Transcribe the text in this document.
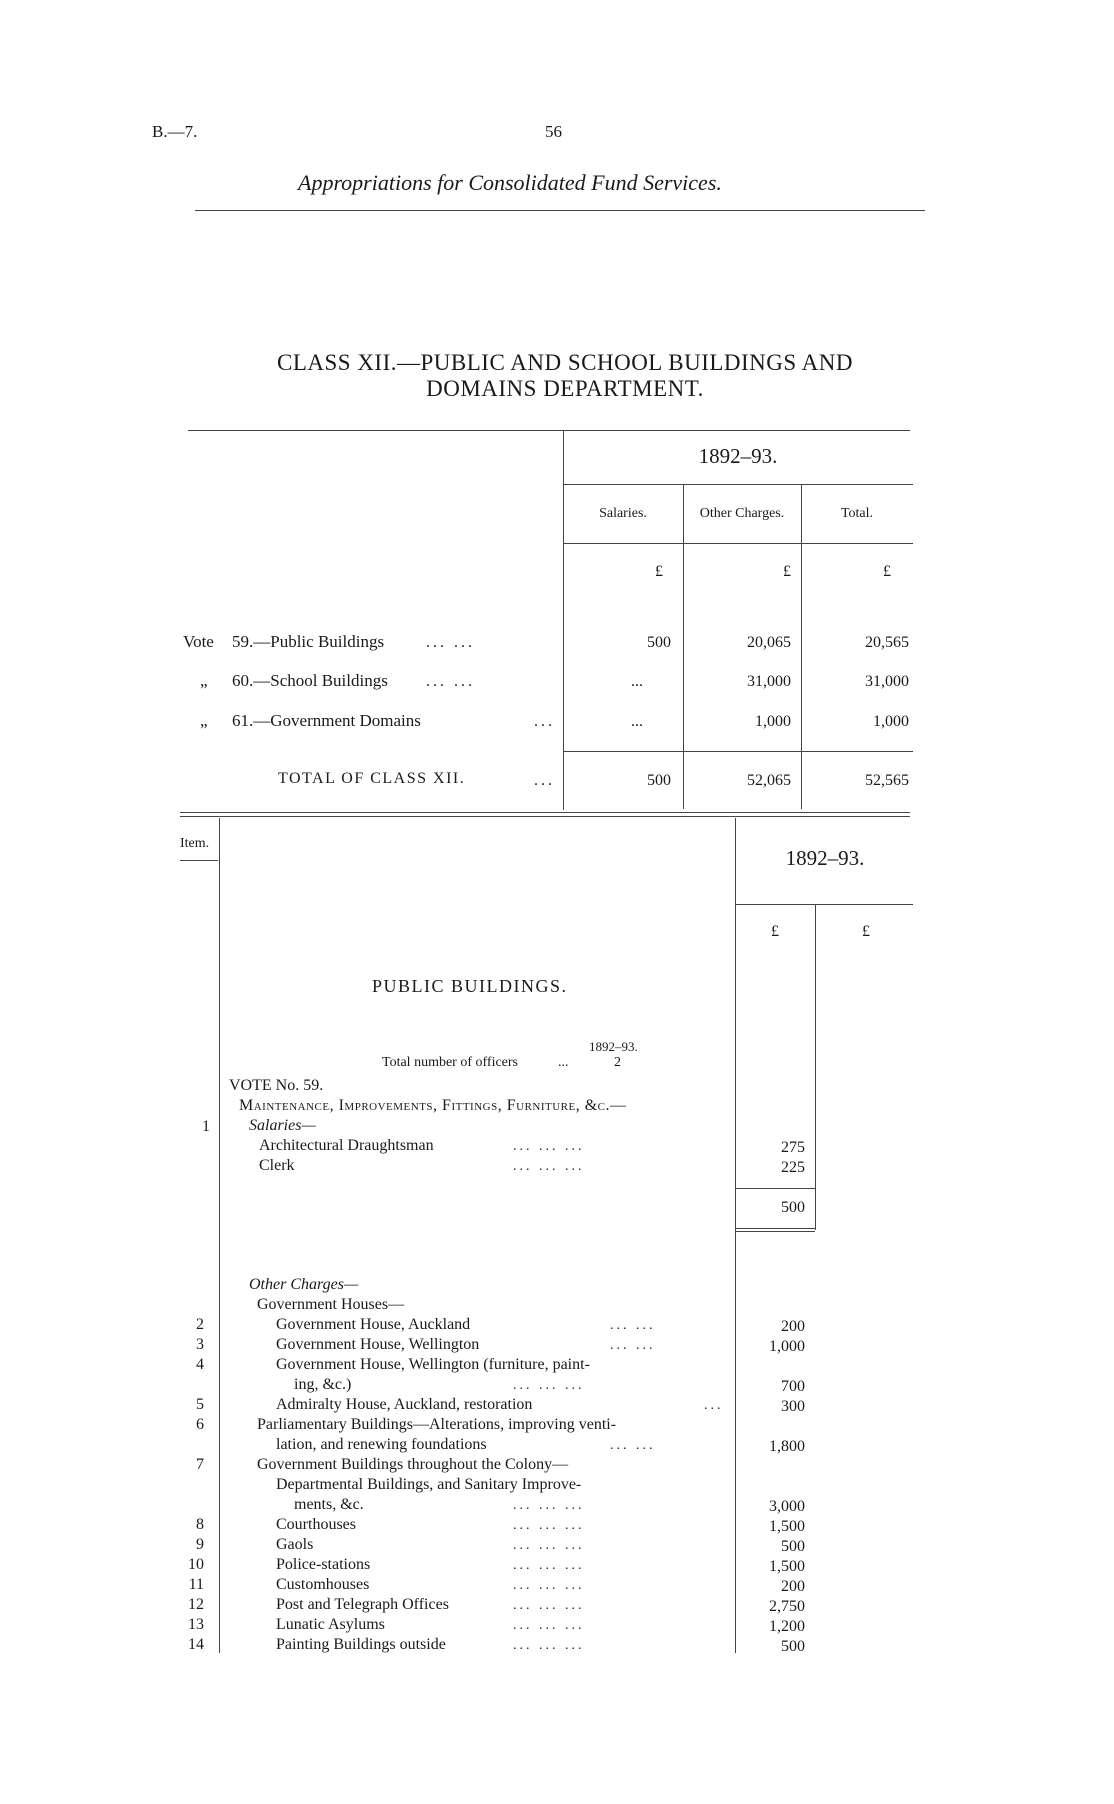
B.—7.	56
Appropriations for Consolidated Fund Services.
CLASS XII.—PUBLIC AND SCHOOL BUILDINGS AND
DOMAINS DEPARTMENT.
1892–93.
Salaries.	Other Charges.	Total.
£	£	£
Vote 59.—Public Buildings	... ...	500	20,065	20,565
„ 60.—School Buildings ... ...	...	31,000	31,000
„ 61.—Government Domains	...	...	1,000	1,000
TOTAL OF CLASS XII.	...	500	52,065	52,565
Item.
1892–93.
£	£
PUBLIC BUILDINGS.
1892–93.
Total number of officers	...	2
VOTE No. 59.
Maintenance, Improvements, Fittings, Furniture, &c.—
1 Salaries—
Architectural Draughtsman	... ... ...	275
Clerk	... ... ...	225
500
Other Charges—
Government Houses—
2	Government House, Auckland	... ...	200
3	Government House, Wellington	... ...	1,000
4	Government House, Wellington (furniture, paint-
ing, &c.)	... ... ...	700
5	Admiralty House, Auckland, restoration	...	300
6	Parliamentary Buildings—Alterations, improving venti-
lation, and renewing foundations	... ...	1,800
7	Government Buildings throughout the Colony—
Departmental Buildings, and Sanitary Improve-
ments, &c.	... ... ...	3,000
8	Courthouses	... ... ...	1,500
9	Gaols	... ... ...	500
10	Police-stations	... ... ...	1,500
11	Customhouses	... ... ...	200
12	Post and Telegraph Offices	... ... ...	2,750
13	Lunatic Asylums	... ... ...	1,200
14	Painting Buildings outside	... ... ...	500
